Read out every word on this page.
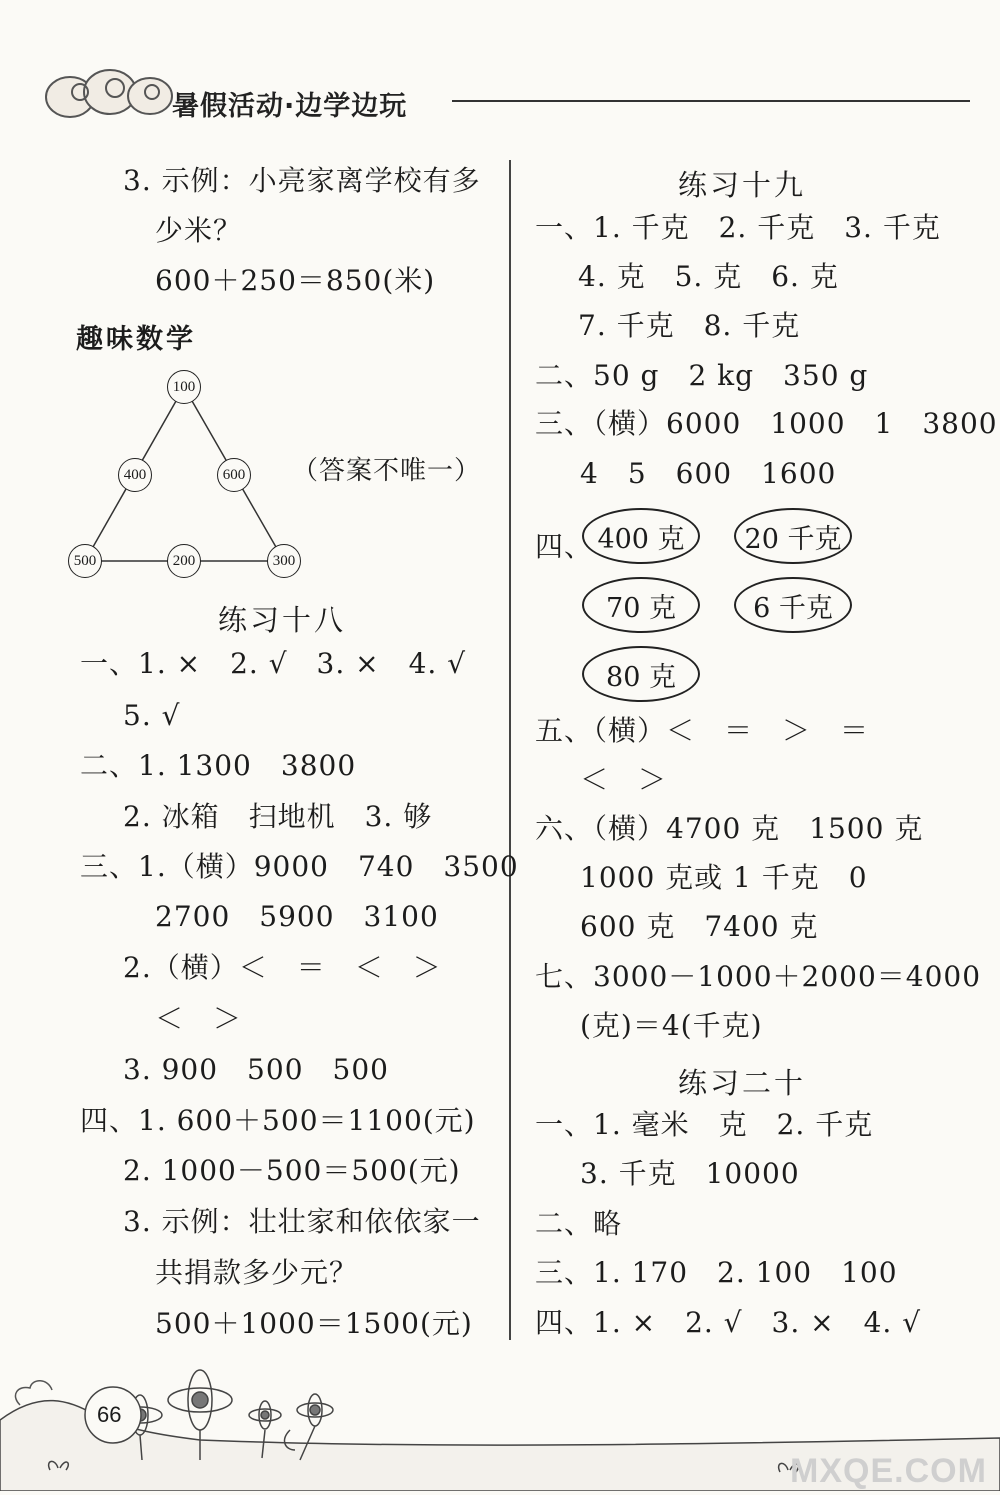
暑假活动·边学边玩
3. 示例：小亮家离学校有多
少米？
600＋250＝850(米)
趣味数学
100
400	600
500	200	300
（答案不唯一）
练习十八
一、1. ×　2. √　3. ×　4. √
5. √
二、1. 1300　3800
2. 冰箱　扫地机　3. 够
三、1.（横）9000　740　3500
2700　5900　3100
2.（横）＜　＝　＜　＞
＜　＞
3. 900　500　500
四、1. 600＋500＝1100(元)
2. 1000－500＝500(元)
3. 示例：壮壮家和依依家一
共捐款多少元？
500＋1000＝1500(元)
练习十九
一、1. 千克　2. 千克　3. 千克
4. 克　5. 克　6. 克
7. 千克　8. 千克
二、50 g　2 kg　350 g
三、（横）6000　1000　1　3800
4　5　600　1600
四、 400 克	20 千克
70 克	6 千克
80 克
五、（横）＜　＝　＞　＝
＜　＞
六、（横）4700 克　1500 克
1000 克或 1 千克　0
600 克　7400 克
七、3000－1000＋2000＝4000
(克)＝4(千克)
练习二十
一、1. 毫米　克　2. 千克
3. 千克　10000
二、略
三、1. 170　2. 100　100
四、1. ×　2. √　3. ×　4. √
66
MXQE.COM
